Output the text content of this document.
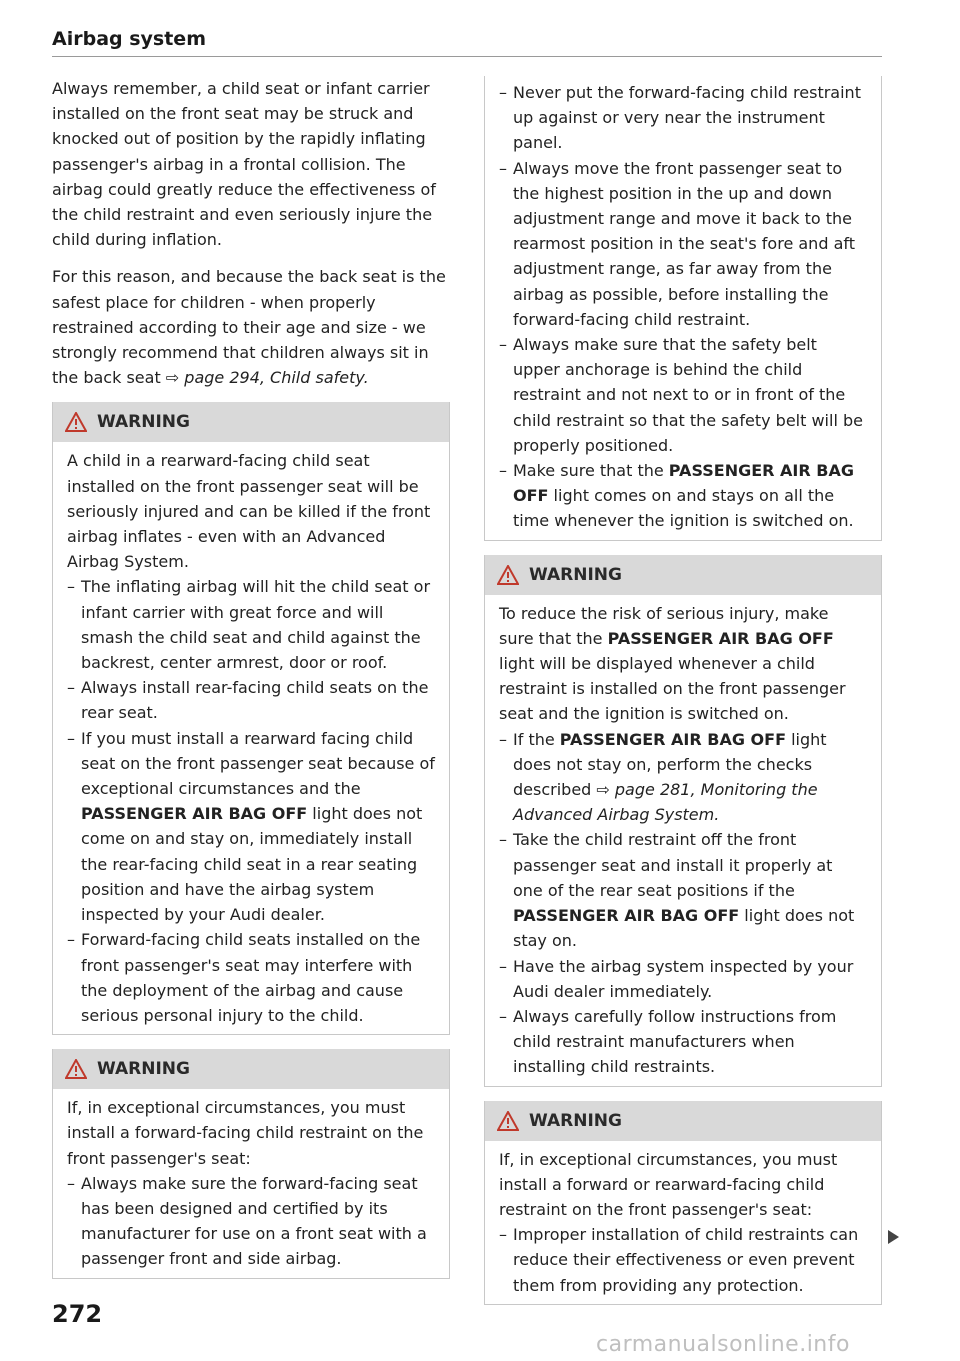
Airbag system

Always remember, a child seat or infant carrier installed on the front seat may be struck and knocked out of position by the rapidly inflating passenger's airbag in a frontal collision. The airbag could greatly reduce the effectiveness of the child restraint and even seriously injure the child during inflation.

For this reason, and because the back seat is the safest place for children - when properly restrained according to their age and size - we strongly recommend that children always sit in the back seat ⇨ page 294, Child safety.

WARNING

A child in a rearward-facing child seat installed on the front passenger seat will be seriously injured and can be killed if the front airbag inflates - even with an Advanced Airbag System.

– The inflating airbag will hit the child seat or infant carrier with great force and will smash the child seat and child against the backrest, center armrest, door or roof.
– Always install rear-facing child seats on the rear seat.
– If you must install a rearward facing child seat on the front passenger seat because of exceptional circumstances and the PASSENGER AIR BAG OFF light does not come on and stay on, immediately install the rear-facing child seat in a rear seating position and have the airbag system inspected by your Audi dealer.
– Forward-facing child seats installed on the front passenger's seat may interfere with the deployment of the airbag and cause serious personal injury to the child.
WARNING

If, in exceptional circumstances, you must install a forward-facing child restraint on the front passenger's seat:

– Always make sure the forward-facing seat has been designed and certified by its manufacturer for use on a front seat with a passenger front and side airbag.
– Never put the forward-facing child restraint up against or very near the instrument panel.
– Always move the front passenger seat to the highest position in the up and down adjustment range and move it back to the rearmost position in the seat's fore and aft adjustment range, as far away from the airbag as possible, before installing the forward-facing child restraint.
– Always make sure that the safety belt upper anchorage is behind the child restraint and not next to or in front of the child restraint so that the safety belt will be properly positioned.
– Make sure that the PASSENGER AIR BAG OFF light comes on and stays on all the time whenever the ignition is switched on.
WARNING

To reduce the risk of serious injury, make sure that the PASSENGER AIR BAG OFF light will be displayed whenever a child restraint is installed on the front passenger seat and the ignition is switched on.

– If the PASSENGER AIR BAG OFF light does not stay on, perform the checks described ⇨ page 281, Monitoring the Advanced Airbag System.
– Take the child restraint off the front passenger seat and install it properly at one of the rear seat positions if the PASSENGER AIR BAG OFF light does not stay on.
– Have the airbag system inspected by your Audi dealer immediately.
– Always carefully follow instructions from child restraint manufacturers when installing child restraints.
WARNING

If, in exceptional circumstances, you must install a forward or rearward-facing child restraint on the front passenger's seat:

– Improper installation of child restraints can reduce their effectiveness or even prevent them from providing any protection.
272
carmanualsonline.info
